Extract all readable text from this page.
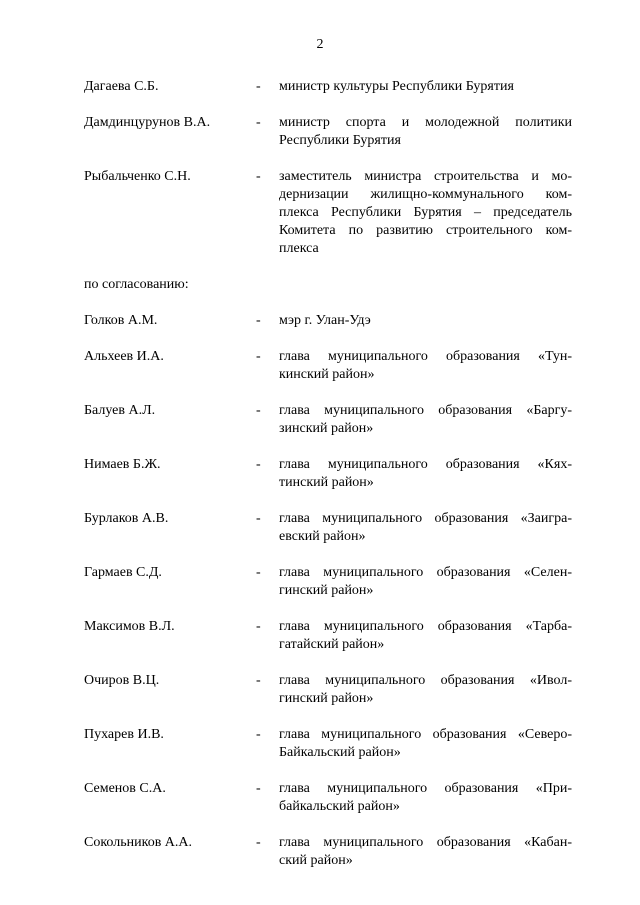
2
Дагаева С.Б.	- министр культуры Республики Бурятия
Дамдинцурунов В.А.	- министр спорта и молодежной политики
Республики Бурятия
Рыбальченко С.Н.	- заместитель министра строительства и мо-
дернизации жилищно-коммунального ком-
плекса Республики Бурятия – председатель
Комитета по развитию строительного ком-
плекса
по согласованию:
Голков А.М.	- мэр г. Улан-Удэ
Альхеев И.А.	- глава муниципального образования «Тун-
кинский район»
Балуев А.Л.	- глава муниципального образования «Баргу-
зинский район»
Нимаев Б.Ж.	- глава муниципального образования «Кях-
тинский район»
Бурлаков А.В.	- глава муниципального образования «Заигра-
евский район»
Гармаев С.Д.	- глава муниципального образования «Селен-
гинский район»
Максимов В.Л.	- глава муниципального образования «Тарба-
гатайский район»
Очиров В.Ц.	- глава муниципального образования «Ивол-
гинский район»
Пухарев И.В.	- глава муниципального образования «Северо-
Байкальский район»
Семенов С.А.	- глава муниципального образования «При-
байкальский район»
Сокольников А.А.	- глава муниципального образования «Кабан-
ский район»
